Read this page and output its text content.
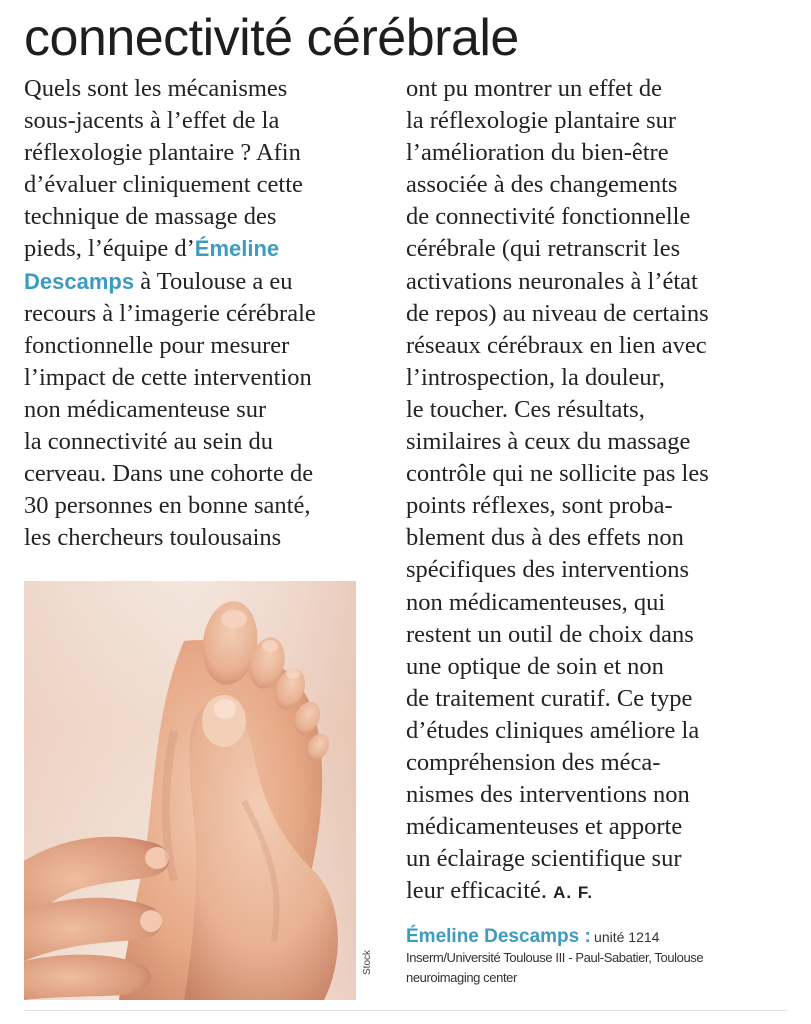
connectivité cérébrale
Quels sont les mécanismes
sous-jacents à l’effet de la
réflexologie plantaire ? Afin
d’évaluer cliniquement cette
technique de massage des
pieds, l’équipe d’Émeline
Descamps à Toulouse a eu
recours à l’imagerie cérébrale
fonctionnelle pour mesurer
l’impact de cette intervention
non médicamenteuse sur
la connectivité au sein du
cerveau. Dans une cohorte de
30 personnes en bonne santé,
les chercheurs toulousains
Stock
ont pu montrer un effet de
la réflexologie plantaire sur
l’amélioration du bien-être
associée à des changements
de connectivité fonctionnelle
cérébrale (qui retranscrit les
activations neuronales à l’état
de repos) au niveau de certains
réseaux cérébraux en lien avec
l’introspection, la douleur,
le toucher. Ces résultats,
similaires à ceux du massage
contrôle qui ne sollicite pas les
points réflexes, sont proba-
blement dus à des effets non
spécifiques des interventions
non médicamenteuses, qui
restent un outil de choix dans
une optique de soin et non
de traitement curatif. Ce type
d’études cliniques améliore la
compréhension des méca-
nismes des interventions non
médicamenteuses et apporte
un éclairage scientifique sur
leur efficacité. A. F.
Émeline Descamps : unité 1214
Inserm/Université Toulouse III - Paul-Sabatier, Toulouse
neuroimaging center
